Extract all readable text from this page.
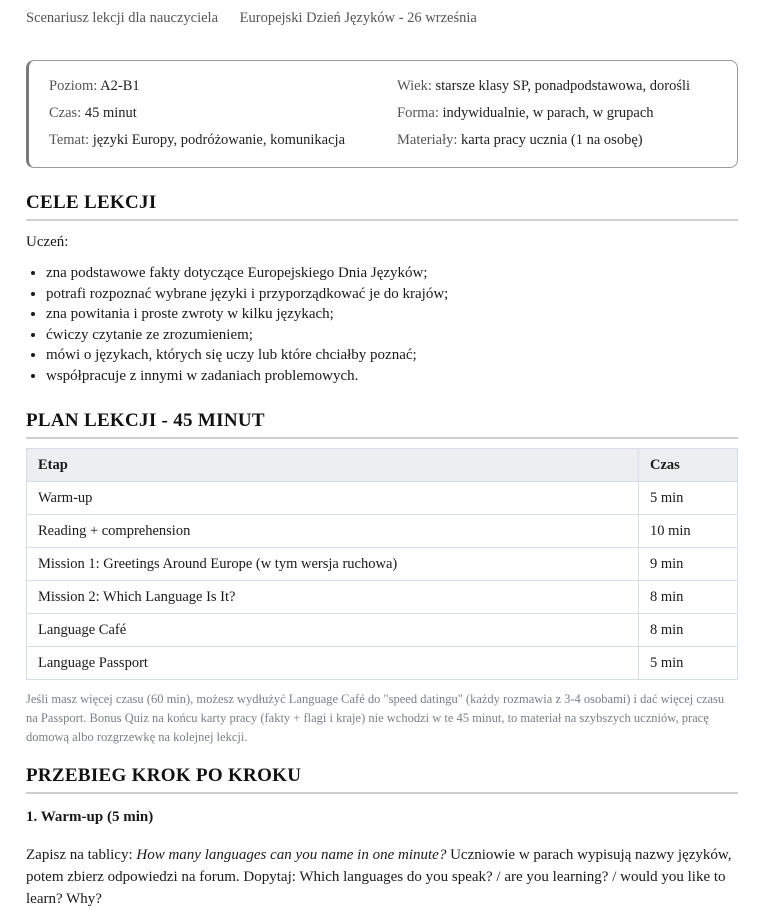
Scenariusz lekcji dla nauczyciela Europejski Dzień Języków - 26 września
Poziom: A2-B1
Czas: 45 minut
Temat: języki Europy, podróżowanie, komunikacja
Wiek: starsze klasy SP, ponadpodstawowa, dorośli
Forma: indywidualnie, w parach, w grupach
Materiały: karta pracy ucznia (1 na osobę)
CELE LEKCJI
Uczeń:
• zna podstawowe fakty dotyczące Europejskiego Dnia Języków;
• potrafi rozpoznać wybrane języki i przyporządkować je do krajów;
• zna powitania i proste zwroty w kilku językach;
• ćwiczy czytanie ze zrozumieniem;
• mówi o językach, których się uczy lub które chciałby poznać;
• współpracuje z innymi w zadaniach problemowych.
PLAN LEKCJI - 45 MINUT
Etap	Czas
Warm-up	5 min
Reading + comprehension	10 min
Mission 1: Greetings Around Europe (w tym wersja ruchowa)	9 min
Mission 2: Which Language Is It?	8 min
Language Café	8 min
Language Passport	5 min
Jeśli masz więcej czasu (60 min), możesz wydłużyć Language Café do "speed datingu" (każdy rozmawia z 3-4 osobami) i dać więcej czasu na Passport. Bonus Quiz na końcu karty pracy (fakty + flagi i kraje) nie wchodzi w te 45 minut, to materiał na szybszych uczniów, pracę domową albo rozgrzewkę na kolejnej lekcji.
PRZEBIEG KROK PO KROKU
1. Warm-up (5 min)
Zapisz na tablicy: How many languages can you name in one minute? Uczniowie w parach wypisują nazwy języków, potem zbierz odpowiedzi na forum. Dopytaj: Which languages do you speak? / are you learning? / would you like to learn? Why?
